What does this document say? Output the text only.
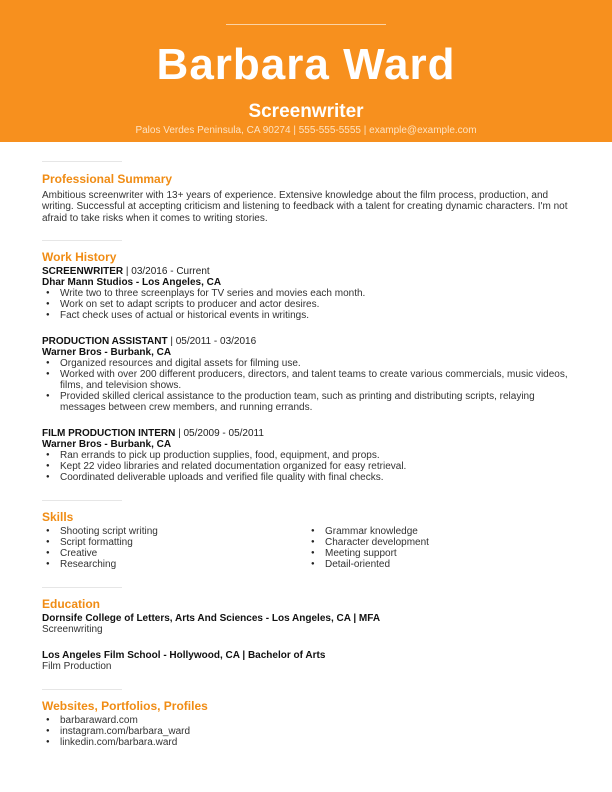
Barbara Ward
Screenwriter
Palos Verdes Peninsula, CA 90274 | 555-555-5555 | example@example.com
Professional Summary

Ambitious screenwriter with 13+ years of experience. Extensive knowledge about the film process, production, and writing. Successful at accepting criticism and listening to feedback with a talent for creating dynamic characters. I'm not afraid to take risks when it comes to writing stories.

Work History

SCREENWRITER | 03/2016 - Current

Dhar Mann Studios - Los Angeles, CA

● Write two to three screenplays for TV series and movies each month.
● Work on set to adapt scripts to producer and actor desires.
● Fact check uses of actual or historical events in writings.

PRODUCTION ASSISTANT | 05/2011 - 03/2016

Warner Bros - Burbank, CA

● Organized resources and digital assets for filming use.
● Worked with over 200 different producers, directors, and talent teams to create various commercials, music videos, films, and television shows.
● Provided skilled clerical assistance to the production team, such as printing and distributing scripts, relaying messages between crew members, and running errands.

FILM PRODUCTION INTERN | 05/2009 - 05/2011

Warner Bros - Burbank, CA

● Ran errands to pick up production supplies, food, equipment, and props.
● Kept 22 video libraries and related documentation organized for easy retrieval.
● Coordinated deliverable uploads and verified file quality with final checks.
Skills
● Shooting script writing
● Script formatting
● Creative
● Researching
● Grammar knowledge
● Character development
● Meeting support
● Detail-oriented
Education

Dornsife College of Letters, Arts And Sciences - Los Angeles, CA | MFA

Screenwriting

Los Angeles Film School - Hollywood, CA | Bachelor of Arts

Film Production

Websites, Portfolios, Profiles
● barbaraward.com
● instagram.com/barbara_ward
● linkedin.com/barbara.ward
